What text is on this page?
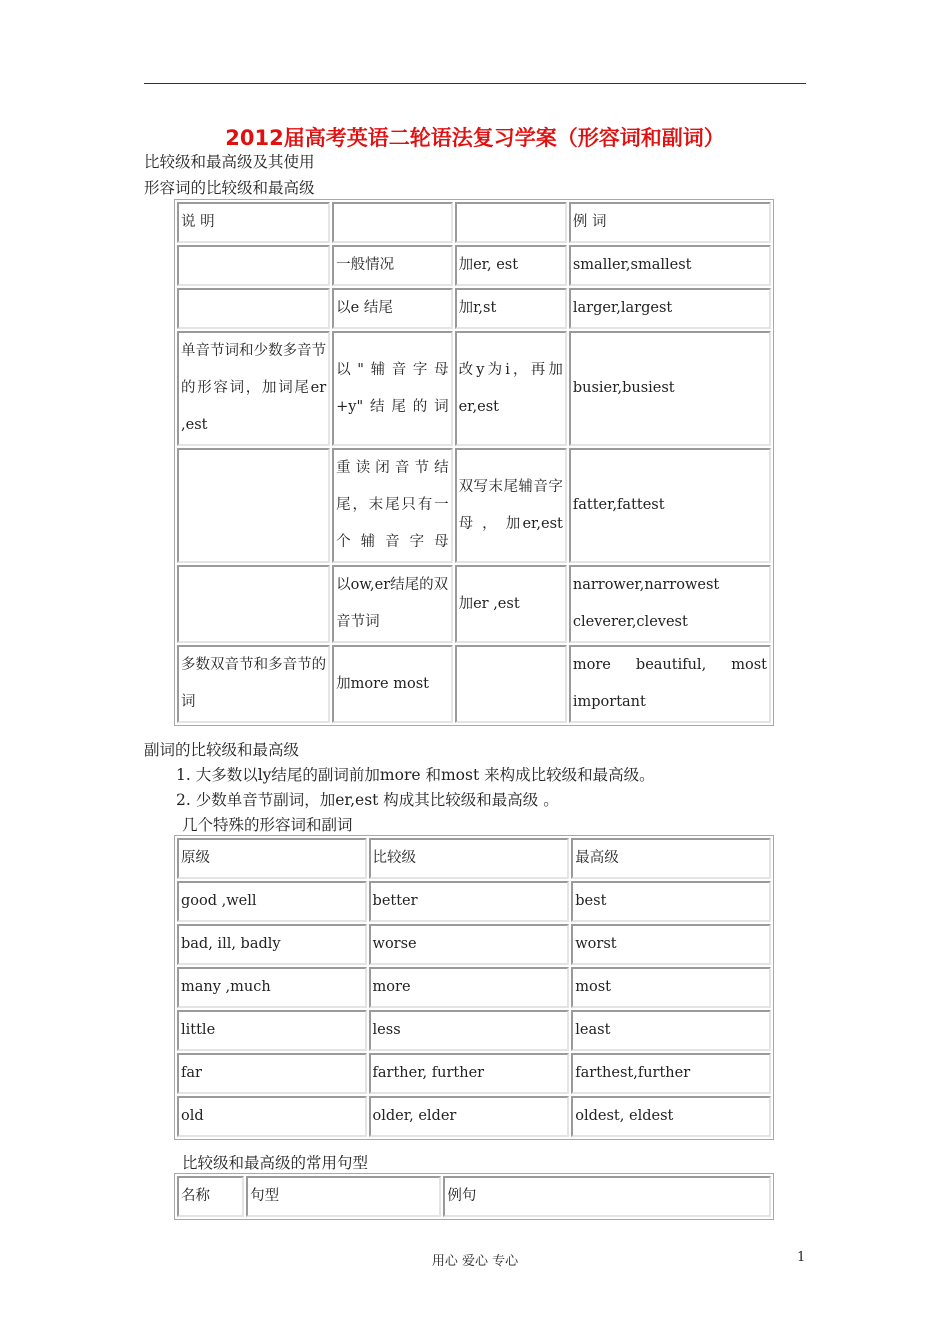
2012届高考英语二轮语法复习学案（形容词和副词）
比较级和最高级及其使用
形容词的比较级和最高级
说 明			例 词
	一般情况	加er, est	smaller,smallest
	以e 结尾	加r,st	larger,largest
单音节词和少数多音节的形容词，加词尾er ,est	以"辅音字母+y"结尾的词	改y为i，再加er,est	busier,busiest
	重读闭音节结尾，末尾只有一个辅音字母	双写末尾辅音字 母 ， 加er,est	fatter,fattest
	以ow,er结尾的双音节词	加er ,est	narrower,narrowest cleverer,clevest
多数双音节和多音节的词	加more most		more beautiful, most important
副词的比较级和最高级
1. 大多数以ly结尾的副词前加more 和most 来构成比较级和最高级。
2. 少数单音节副词，加er,est 构成其比较级和最高级 。
几个特殊的形容词和副词
原级	比较级	最高级
good ,well	better	best
bad, ill, badly	worse	worst
many ,much	more	most
little	less	least
far	farther, further	farthest,further
old	older, elder	oldest, eldest
比较级和最高级的常用句型
名称	句型	例句
用心 爱心 专心	1
